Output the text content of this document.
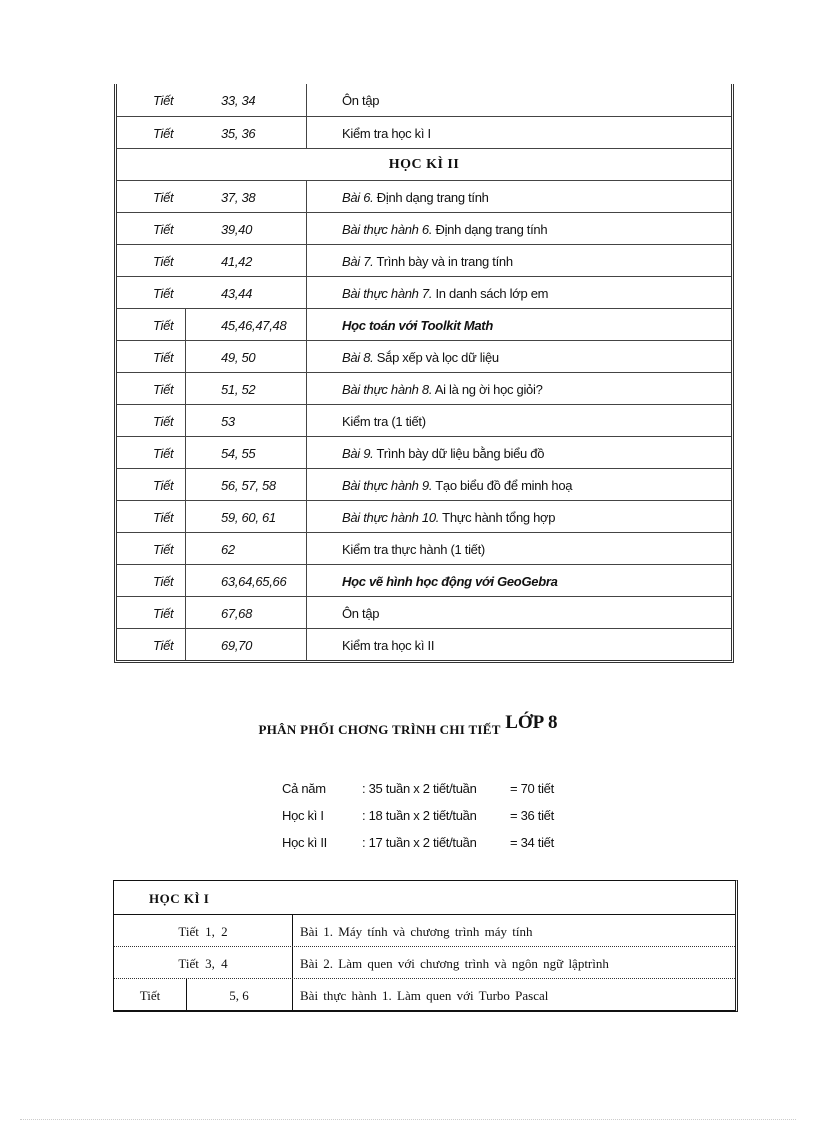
Tiết	33, 34	Ôn tập
Tiết	35, 36	Kiểm tra học kì I
HỌC KÌ II
Tiết	37, 38	Bài 6. Định dạng trang tính
Tiết	39,40	Bài thực hành 6. Định dạng trang tính
Tiết	41,42	Bài 7. Trình bày và in trang tính
Tiết	43,44	Bài thực hành 7. In danh sách lớp em
Tiết	45,46,47,48	Học toán với Toolkit Math
Tiết	49, 50	Bài 8. Sắp xếp và lọc dữ liệu
Tiết	51, 52	Bài thực hành 8. Ai là ng ời học giỏi?
Tiết	53	Kiểm tra (1 tiết)
Tiết	54, 55	Bài 9. Trình bày dữ liệu bằng biểu đồ
Tiết	56, 57, 58	Bài thực hành 9. Tạo biểu đồ để minh hoạ
Tiết	59, 60, 61	Bài thực hành 10. Thực hành tổng hợp
Tiết	62	Kiểm tra thực hành (1 tiết)
Tiết	63,64,65,66	Học vẽ hình học động với GeoGebra
Tiết	67,68	Ôn tập
Tiết	69,70	Kiểm tra học kì II
PHÂN PHỐI CHƠNG TRÌNH CHI TIẾT LỚP 8
Cả năm	: 35 tuần x 2 tiết/tuần	= 70 tiết
Học kì I	: 18 tuần x 2 tiết/tuần	= 36 tiết
Học kì II	: 17 tuần x 2 tiết/tuần	= 34 tiết
HỌC KÌ I
Tiết 1, 2	Bài 1. Máy tính và chương trình máy tính
Tiết 3, 4	Bài 2. Làm quen với chương trình và ngôn ngữ lậptrình
Tiết	5, 6	Bài thực hành 1. Làm quen với Turbo Pascal
